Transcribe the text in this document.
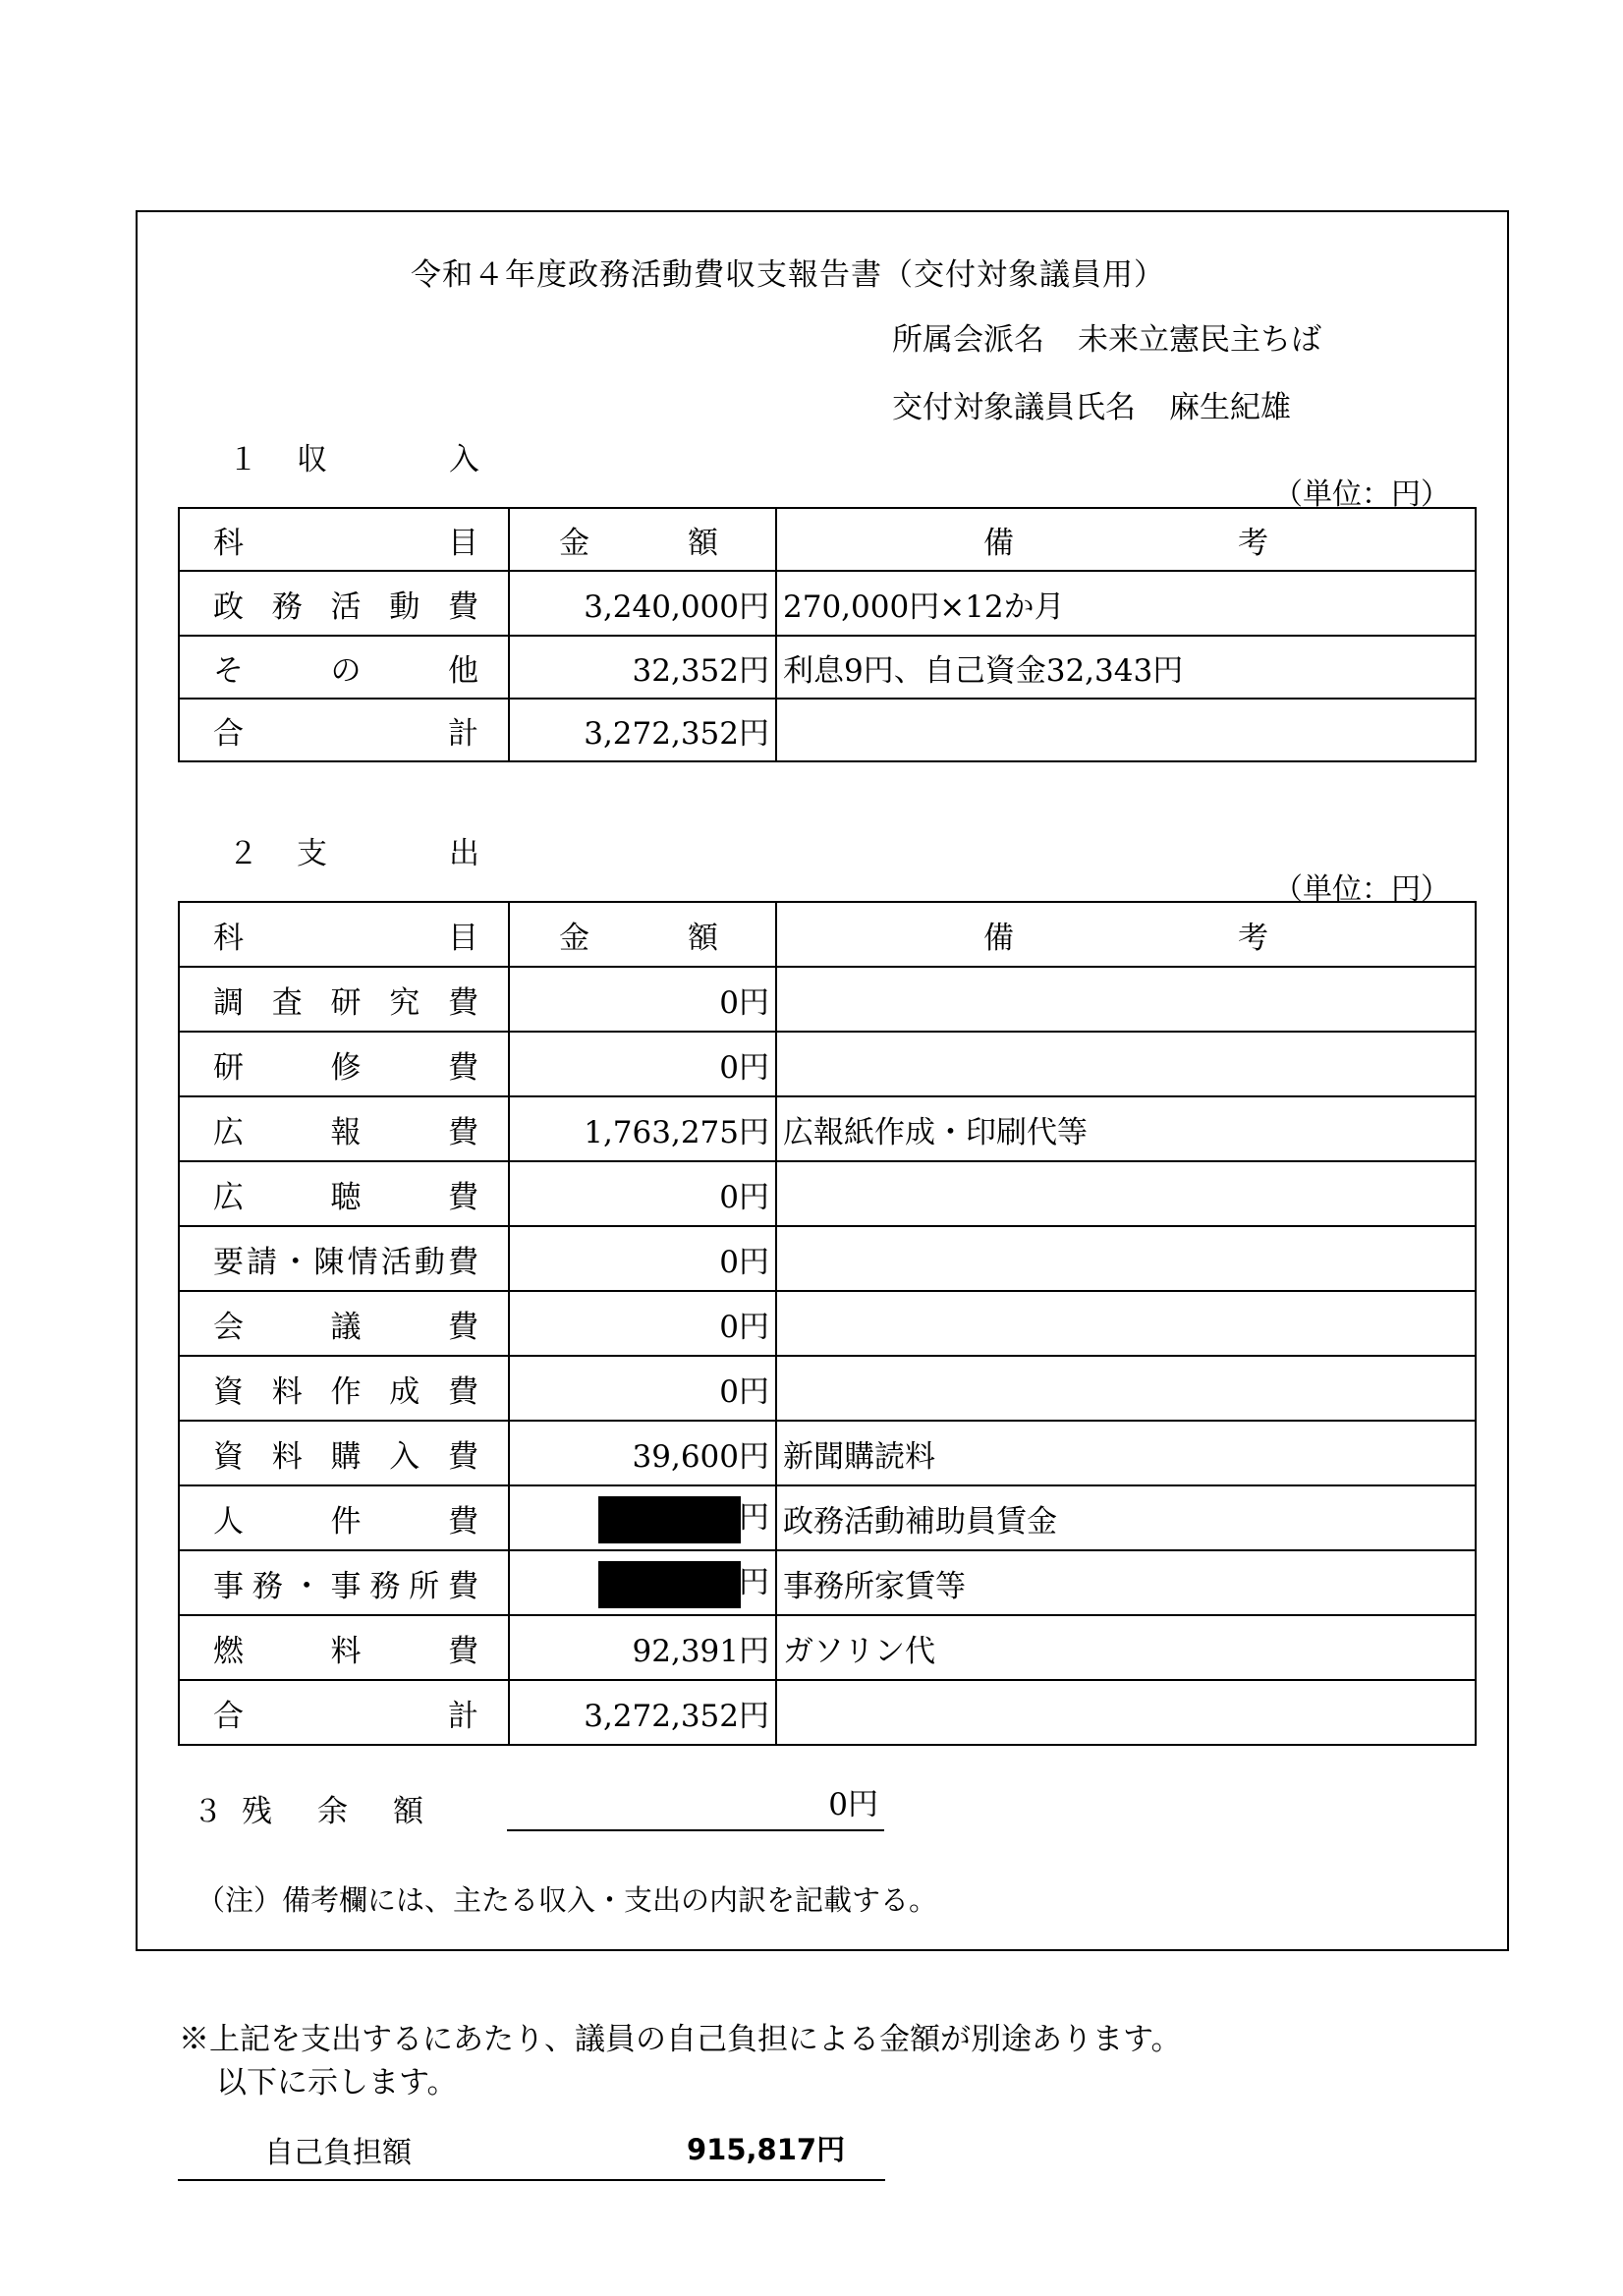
令和４年度政務活動費収支報告書（交付対象議員用）
所属会派名 未来立憲民主ちば
交付対象議員氏名 麻生紀雄
１ 収	入
（単位：円）
科目	金 額	備考
政務活動費	3,240,000円	270,000円×12か月
その他	32,352円	利息9円、自己資金32,343円
合計	3,272,352円	
２ 支	出
（単位：円）
科目	金 額	備考
調査研究費	0円	
研修費	0円	
広報費	1,763,275円	広報紙作成・印刷代等
広聴費	0円	
要請・陳情活動費	0円	
会議費	0円	
資料作成費	0円	
資料購入費	39,600円	新聞購読料
人件費	円	政務活動補助員賃金
事務・事務所費	円	事務所家賃等
燃料費	92,391円	ガソリン代
合計	3,272,352円	
３ 残 余 額	0円
（注）備考欄には、主たる収入・支出の内訳を記載する。
※上記を支出するにあたり、議員の自己負担による金額が別途あります。
以下に示します。
自己負担額	915,817円
